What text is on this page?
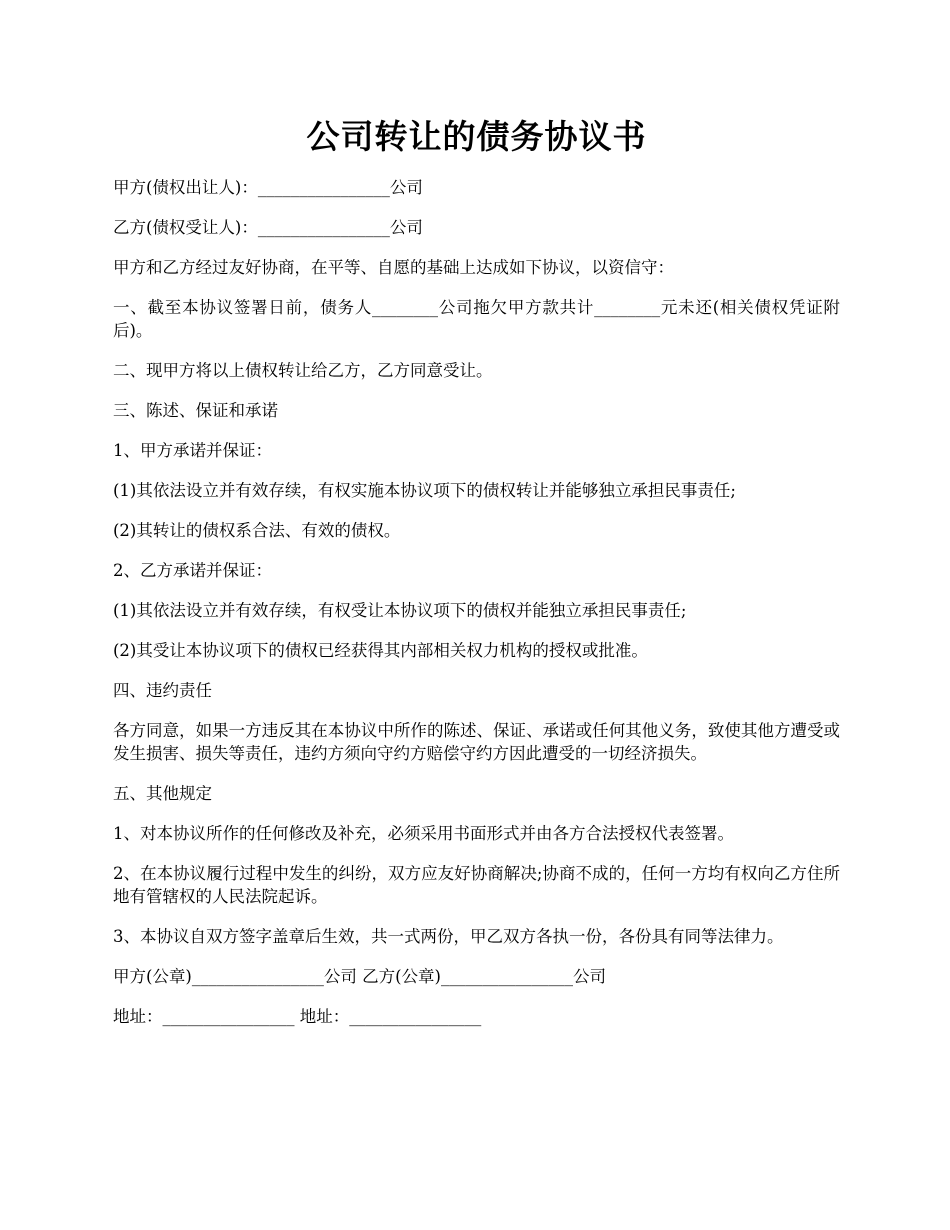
公司转让的债务协议书

甲方(债权出让人)：________________公司

乙方(债权受让人)：________________公司

甲方和乙方经过友好协商，在平等、自愿的基础上达成如下协议，以资信守：

一、截至本协议签署日前，债务人________公司拖欠甲方款共计________元未还(相关债权凭证附后)。

二、现甲方将以上债权转让给乙方，乙方同意受让。

三、陈述、保证和承诺

1、甲方承诺并保证：

(1)其依法设立并有效存续，有权实施本协议项下的债权转让并能够独立承担民事责任;

(2)其转让的债权系合法、有效的债权。

2、乙方承诺并保证：

(1)其依法设立并有效存续，有权受让本协议项下的债权并能独立承担民事责任;

(2)其受让本协议项下的债权已经获得其内部相关权力机构的授权或批准。

四、违约责任

各方同意，如果一方违反其在本协议中所作的陈述、保证、承诺或任何其他义务，致使其他方遭受或发生损害、损失等责任，违约方须向守约方赔偿守约方因此遭受的一切经济损失。

五、其他规定

1、对本协议所作的任何修改及补充，必须采用书面形式并由各方合法授权代表签署。

2、在本协议履行过程中发生的纠纷，双方应友好协商解决;协商不成的，任何一方均有权向乙方住所地有管辖权的人民法院起诉。

3、本协议自双方签字盖章后生效，共一式两份，甲乙双方各执一份，各份具有同等法律力。

甲方(公章)________________公司 乙方(公章)________________公司

地址：________________ 地址：________________
